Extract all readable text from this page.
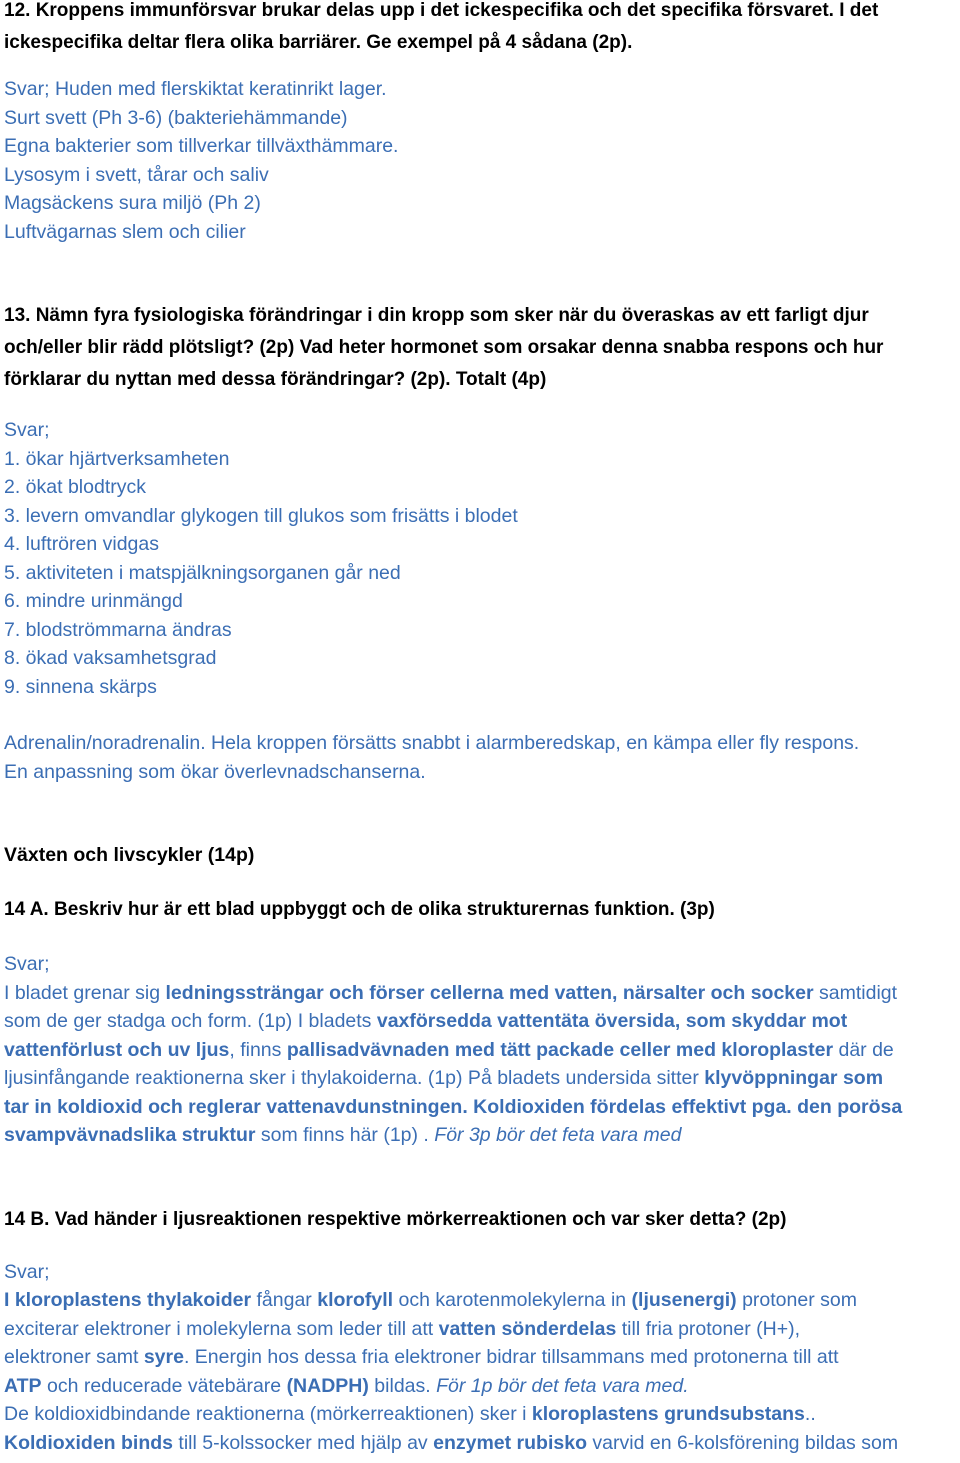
12. Kroppens immunförsvar brukar delas upp i det ickespecifika och det specifika försvaret. I det

ickespecifika deltar flera olika barriärer. Ge exempel på 4 sådana (2p).

Svar; Huden med flerskiktat keratinrikt lager.

Surt svett (Ph 3-6) (bakteriehämmande)

Egna bakterier som tillverkar tillväxthämmare.

Lysosym i svett, tårar och saliv

Magsäckens sura miljö (Ph 2)

Luftvägarnas slem och cilier

13. Nämn fyra fysiologiska förändringar i din kropp som sker när du överaskas av ett farligt djur

och/eller blir rädd plötsligt? (2p) Vad heter hormonet som orsakar denna snabba respons och hur

förklarar du nyttan med dessa förändringar? (2p). Totalt (4p)

Svar;

1. ökar hjärtverksamheten

2. ökat blodtryck

3. levern omvandlar glykogen till glukos som frisätts i blodet

4. luftrören vidgas

5. aktiviteten i matspjälkningsorganen går ned

6. mindre urinmängd

7. blodströmmarna ändras

8. ökad vaksamhetsgrad

9. sinnena skärps

Adrenalin/noradrenalin. Hela kroppen försätts snabbt i alarmberedskap, en kämpa eller fly respons.

En anpassning som ökar överlevnadschanserna.

Växten och livscykler (14p)

14 A. Beskriv hur är ett blad uppbyggt och de olika strukturernas funktion. (3p)

Svar;

I bladet grenar sig ledningssträngar och förser cellerna med vatten, närsalter och socker samtidigt

som de ger stadga och form. (1p) I bladets vaxförsedda vattentäta översida, som skyddar mot

vattenförlust och uv ljus, finns pallisadvävnaden med tätt packade celler med kloroplaster där de

ljusinfångande reaktionerna sker i thylakoiderna. (1p) På bladets undersida sitter klyvöppningar som

tar in koldioxid och reglerar vattenavdunstningen. Koldioxiden fördelas effektivt pga. den porösa

svampvävnadslika struktur som finns här (1p) . För 3p bör det feta vara med

14 B. Vad händer i ljusreaktionen respektive mörkerreaktionen och var sker detta? (2p)

Svar;

I kloroplastens thylakoider fångar klorofyll och karotenmolekylerna in (ljusenergi) protoner som

exciterar elektroner i molekylerna som leder till att vatten sönderdelas till fria protoner (H+),

elektroner samt syre. Energin hos dessa fria elektroner bidrar tillsammans med protonerna till att

ATP och reducerade vätebärare (NADPH) bildas. För 1p bör det feta vara med.

De koldioxidbindande reaktionerna (mörkerreaktionen) sker i kloroplastens grundsubstans..

Koldioxiden binds till 5-kolssocker med hjälp av enzymet rubisko varvid en 6-kolsförening bildas som
